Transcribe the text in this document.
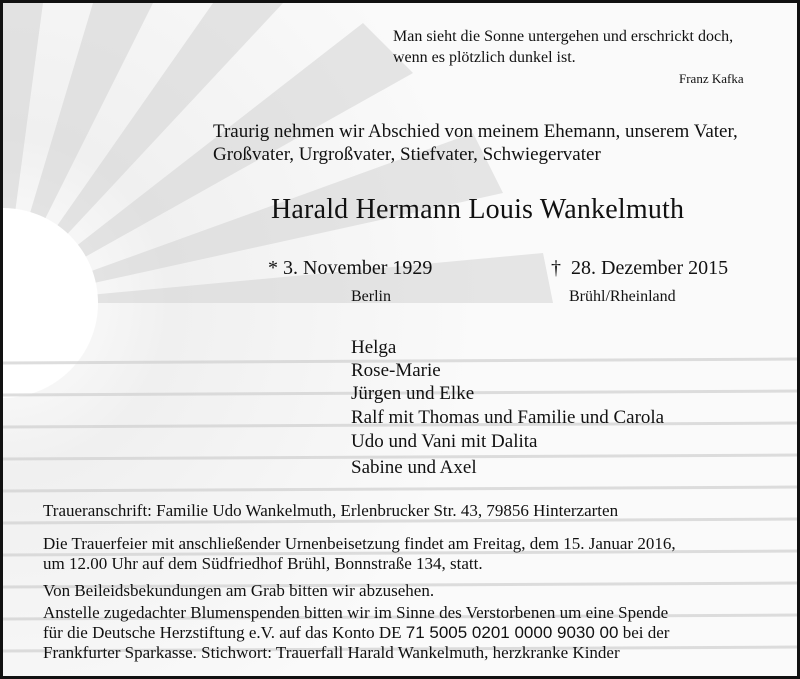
Man sieht die Sonne untergehen und erschrickt doch,
wenn es plötzlich dunkel ist.
Franz Kafka
Traurig nehmen wir Abschied von meinem Ehemann, unserem Vater,
Großvater, Urgroßvater, Stiefvater, Schwiegervater
Harald Hermann Louis Wankelmuth
* 3. November 1929	† 28. Dezember 2015
Berlin	Brühl/Rheinland
Helga
Rose-Marie
Jürgen und Elke
Ralf mit Thomas und Familie und Carola
Udo und Vani mit Dalita
Sabine und Axel
Traueranschrift: Familie Udo Wankelmuth, Erlenbrucker Str. 43, 79856 Hinterzarten
Die Trauerfeier mit anschließender Urnenbeisetzung findet am Freitag, dem 15. Januar 2016,
um 12.00 Uhr auf dem Südfriedhof Brühl, Bonnstraße 134, statt.
Von Beileidsbekundungen am Grab bitten wir abzusehen.
Anstelle zugedachter Blumenspenden bitten wir im Sinne des Verstorbenen um eine Spende
für die Deutsche Herzstiftung e.V. auf das Konto DE 71 5005 0201 0000 9030 00 bei der
Frankfurter Sparkasse. Stichwort: Trauerfall Harald Wankelmuth, herzkranke Kinder
